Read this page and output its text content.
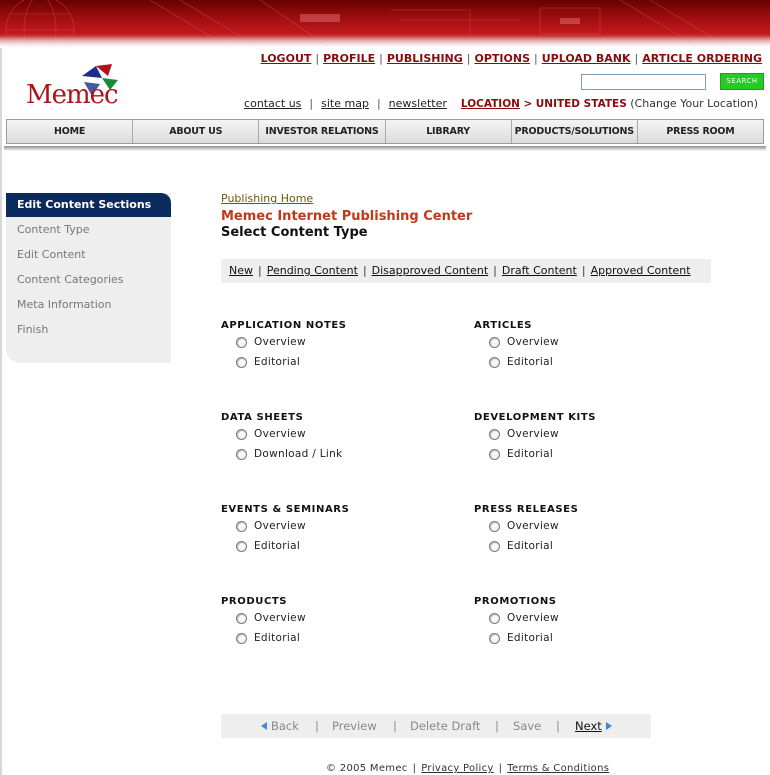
Memec
LOGOUT | PROFILE | PUBLISHING | OPTIONS | UPLOAD BANK | ARTICLE ORDERING
SEARCH
contact us | site map | newsletter LOCATION > UNITED STATES (Change Your Location)
HOME	ABOUT US	INVESTOR RELATIONS	LIBRARY	PRODUCTS/SOLUTIONS	PRESS ROOM
Edit Content Sections
Content Type
Edit Content
Content Categories
Meta Information
Finish
Publishing Home
Memec Internet Publishing Center
Select Content Type
New | Pending Content | Disapproved Content | Draft Content | Approved Content
APPLICATION NOTES
Overview
Editorial
ARTICLES
Overview
Editorial
DATA SHEETS
Overview
Download / Link
DEVELOPMENT KITS
Overview
Editorial
EVENTS & SEMINARS
Overview
Editorial
PRESS RELEASES
Overview
Editorial
PRODUCTS
Overview
Editorial
PROMOTIONS
Overview
Editorial
Back | Preview | Delete Draft | Save | Next
© 2005 Memec | Privacy Policy | Terms & Conditions
